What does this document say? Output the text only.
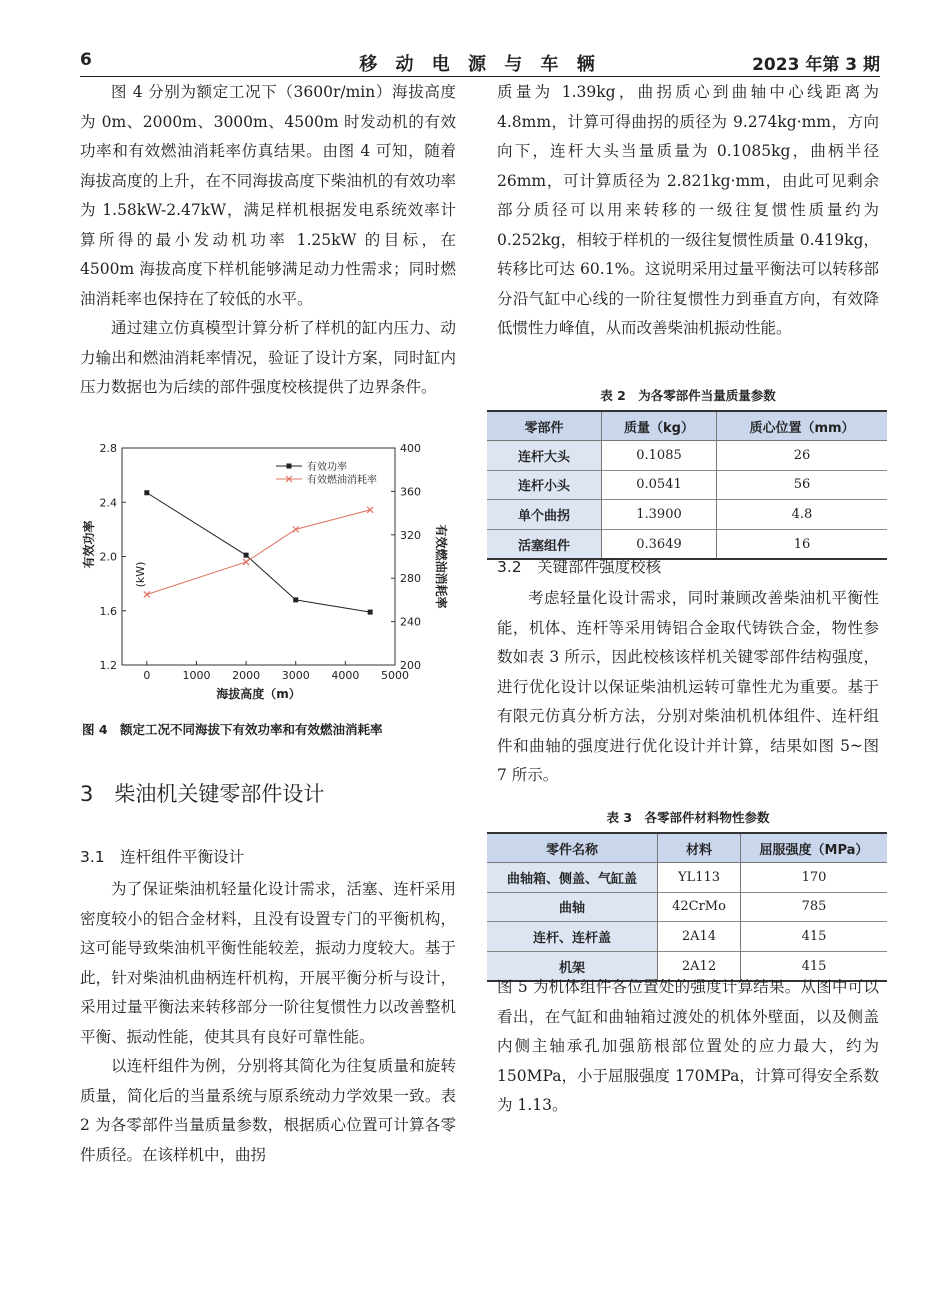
6	移 动 电 源 与 车 辆	2023 年第 3 期

图 4 分别为额定工况下（3600r/min）海拔高度为 0m、2000m、3000m、4500m 时发动机的有效功率和有效燃油消耗率仿真结果。由图 4 可知，随着海拔高度的上升，在不同海拔高度下柴油机的有效功率为 1.58kW-2.47kW，满足样机根据发电系统效率计算所得的最小发动机功率 1.25kW 的目标，在 4500m 海拔高度下样机能够满足动力性需求；同时燃油消耗率也保持在了较低的水平。

通过建立仿真模型计算分析了样机的缸内压力、动力输出和燃油消耗率情况，验证了设计方案，同时缸内压力数据也为后续的部件强度校核提供了边界条件。

0	1000 2000 3000 4000 5000
1.2
1.6
2.0
2.4
2.8
200
240
280
320
360
400
海拔高度（m）
有效功率
(kW)	有效燃油消耗率
有效功率
有效燃油消耗率
图 4　额定工况不同海拔下有效功率和有效燃油消耗率
3　柴油机关键零部件设计
3.1　连杆组件平衡设计

为了保证柴油机轻量化设计需求，活塞、连杆采用密度较小的铝合金材料，且没有设置专门的平衡机构，这可能导致柴油机平衡性能较差，振动力度较大。基于此，针对柴油机曲柄连杆机构，开展平衡分析与设计，采用过量平衡法来转移部分一阶往复惯性力以改善整机平衡、振动性能，使其具有良好可靠性能。

以连杆组件为例，分别将其简化为往复质量和旋转质量，简化后的当量系统与原系统动力学效果一致。表 2 为各零部件当量质量参数，根据质心位置可计算各零件质径。在该样机中，曲拐

质量为 1.39kg，曲拐质心到曲轴中心线距离为 4.8mm，计算可得曲拐的质径为 9.274kg·mm，方向向下，连杆大头当量质量为 0.1085kg，曲柄半径 26mm，可计算质径为 2.821kg·mm，由此可见剩余部分质径可以用来转移的一级往复惯性质量约为 0.252kg，相较于样机的一级往复惯性质量 0.419kg，转移比可达 60.1%。这说明采用过量平衡法可以转移部分沿气缸中心线的一阶往复惯性力到垂直方向，有效降低惯性力峰值，从而改善柴油机振动性能。

表 2　为各零部件当量质量参数
零部件	质量（kg）	质心位置（mm）
连杆大头	0.1085	26
连杆小头	0.0541	56
单个曲拐	1.3900	4.8
活塞组件	0.3649	16
3.2　关键部件强度校核

考虑轻量化设计需求，同时兼顾改善柴油机平衡性能，机体、连杆等采用铸铝合金取代铸铁合金，物性参数如表 3 所示，因此校核该样机关键零部件结构强度，进行优化设计以保证柴油机运转可靠性尤为重要。基于有限元仿真分析方法，分别对柴油机机体组件、连杆组件和曲轴的强度进行优化设计并计算，结果如图 5~图 7 所示。

表 3　各零部件材料物性参数
零件名称	材料	屈服强度（MPa）
曲轴箱、侧盖、气缸盖	YL113	170
曲轴	42CrMo	785
连杆、连杆盖	2A14	415
机架	2A12	415

图 5 为机体组件各位置处的强度计算结果。从图中可以看出，在气缸和曲轴箱过渡处的机体外壁面，以及侧盖内侧主轴承孔加强筋根部位置处的应力最大，约为 150MPa，小于屈服强度 170MPa，计算可得安全系数为 1.13。
